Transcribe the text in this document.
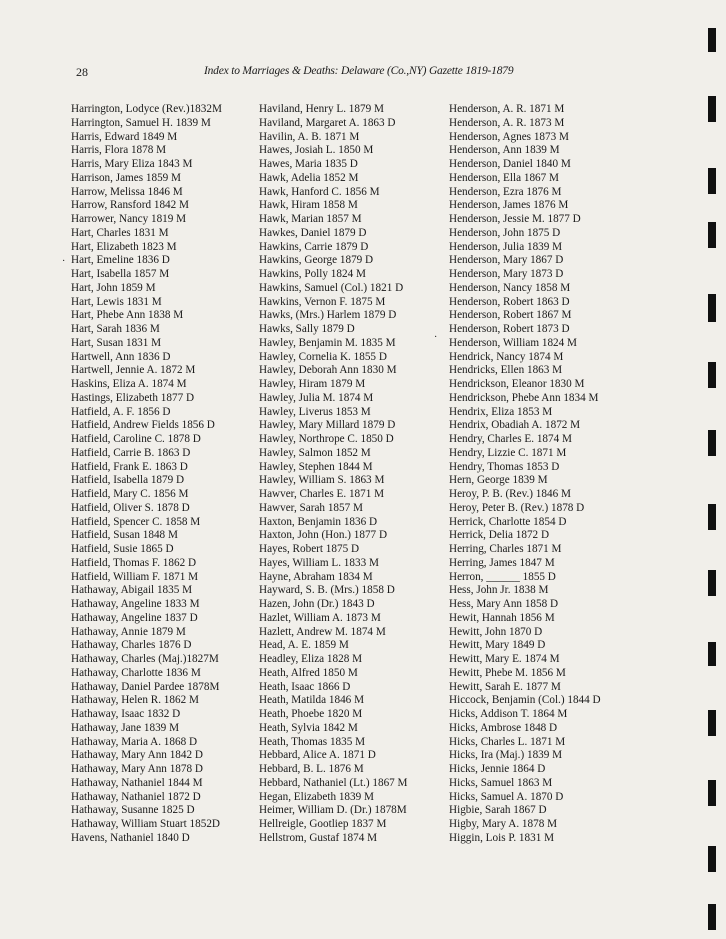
28	Index to Marriages & Deaths: Delaware (Co.,NY) Gazette 1819-1879
Harrington, Lodyce (Rev.)1832M
Harrington, Samuel H. 1839 M
Harris, Edward 1849 M
Harris, Flora 1878 M
Harris, Mary Eliza 1843 M
Harrison, James 1859 M
Harrow, Melissa 1846 M
Harrow, Ransford 1842 M
Harrower, Nancy 1819 M
Hart, Charles 1831 M
Hart, Elizabeth 1823 M
Hart, Emeline 1836 D
Hart, Isabella 1857 M
Hart, John 1859 M
Hart, Lewis 1831 M
Hart, Phebe Ann 1838 M
Hart, Sarah 1836 M
Hart, Susan 1831 M
Hartwell, Ann 1836 D
Hartwell, Jennie A. 1872 M
Haskins, Eliza A. 1874 M
Hastings, Elizabeth 1877 D
Hatfield, A. F. 1856 D
Hatfield, Andrew Fields 1856 D
Hatfield, Caroline C. 1878 D
Hatfield, Carrie B. 1863 D
Hatfield, Frank E. 1863 D
Hatfield, Isabella 1879 D
Hatfield, Mary C. 1856 M
Hatfield, Oliver S. 1878 D
Hatfield, Spencer C. 1858 M
Hatfield, Susan 1848 M
Hatfield, Susie 1865 D
Hatfield, Thomas F. 1862 D
Hatfield, William F. 1871 M
Hathaway, Abigail 1835 M
Hathaway, Angeline 1833 M
Hathaway, Angeline 1837 D
Hathaway, Annie 1879 M
Hathaway, Charles 1876 D
Hathaway, Charles (Maj.)1827M
Hathaway, Charlotte 1836 M
Hathaway, Daniel Pardee 1878M
Hathaway, Helen R. 1862 M
Hathaway, Isaac 1832 D
Hathaway, Jane 1839 M
Hathaway, Maria A. 1868 D
Hathaway, Mary Ann 1842 D
Hathaway, Mary Ann 1878 D
Hathaway, Nathaniel 1844 M
Hathaway, Nathaniel 1872 D
Hathaway, Susanne 1825 D
Hathaway, William Stuart 1852D
Havens, Nathaniel 1840 D
Haviland, Henry L. 1879 M
Haviland, Margaret A. 1863 D
Havilin, A. B. 1871 M
Hawes, Josiah L. 1850 M
Hawes, Maria 1835 D
Hawk, Adelia 1852 M
Hawk, Hanford C. 1856 M
Hawk, Hiram 1858 M
Hawk, Marian 1857 M
Hawkes, Daniel 1879 D
Hawkins, Carrie 1879 D
Hawkins, George 1879 D
Hawkins, Polly 1824 M
Hawkins, Samuel (Col.) 1821 D
Hawkins, Vernon F. 1875 M
Hawks, (Mrs.) Harlem 1879 D
Hawks, Sally 1879 D
Hawley, Benjamin M. 1835 M
Hawley, Cornelia K. 1855 D
Hawley, Deborah Ann 1830 M
Hawley, Hiram 1879 M
Hawley, Julia M. 1874 M
Hawley, Liverus 1853 M
Hawley, Mary Millard 1879 D
Hawley, Northrope C. 1850 D
Hawley, Salmon 1852 M
Hawley, Stephen 1844 M
Hawley, William S. 1863 M
Hawver, Charles E. 1871 M
Hawver, Sarah 1857 M
Haxton, Benjamin 1836 D
Haxton, John (Hon.) 1877 D
Hayes, Robert 1875 D
Hayes, William L. 1833 M
Hayne, Abraham 1834 M
Hayward, S. B. (Mrs.) 1858 D
Hazen, John (Dr.) 1843 D
Hazlet, William A. 1873 M
Hazlett, Andrew M. 1874 M
Head, A. E. 1859 M
Headley, Eliza 1828 M
Heath, Alfred 1850 M
Heath, Isaac 1866 D
Heath, Matilda 1846 M
Heath, Phoebe 1820 M
Heath, Sylvia 1842 M
Heath, Thomas 1835 M
Hebbard, Alice A. 1871 D
Hebbard, B. L. 1876 M
Hebbard, Nathaniel (Lt.) 1867 M
Hegan, Elizabeth 1839 M
Heimer, William D. (Dr.) 1878M
Hellreigle, Gootliep 1837 M
Hellstrom, Gustaf 1874 M
Henderson, A. R. 1871 M
Henderson, A. R. 1873 M
Henderson, Agnes 1873 M
Henderson, Ann 1839 M
Henderson, Daniel 1840 M
Henderson, Ella 1867 M
Henderson, Ezra 1876 M
Henderson, James 1876 M
Henderson, Jessie M. 1877 D
Henderson, John 1875 D
Henderson, Julia 1839 M
Henderson, Mary 1867 D
Henderson, Mary 1873 D
Henderson, Nancy 1858 M
Henderson, Robert 1863 D
Henderson, Robert 1867 M
Henderson, Robert 1873 D
Henderson, William 1824 M
Hendrick, Nancy 1874 M
Hendricks, Ellen 1863 M
Hendrickson, Eleanor 1830 M
Hendrickson, Phebe Ann 1834 M
Hendrix, Eliza 1853 M
Hendrix, Obadiah A. 1872 M
Hendry, Charles E. 1874 M
Hendry, Lizzie C. 1871 M
Hendry, Thomas 1853 D
Hern, George 1839 M
Heroy, P. B. (Rev.) 1846 M
Heroy, Peter B. (Rev.) 1878 D
Herrick, Charlotte 1854 D
Herrick, Delia 1872 D
Herring, Charles 1871 M
Herring, James 1847 M
Herron, ______ 1855 D
Hess, John Jr. 1838 M
Hess, Mary Ann 1858 D
Hewit, Hannah 1856 M
Hewitt, John 1870 D
Hewitt, Mary 1849 D
Hewitt, Mary E. 1874 M
Hewitt, Phebe M. 1856 M
Hewitt, Sarah E. 1877 M
Hiccock, Benjamin (Col.) 1844 D
Hicks, Addison T. 1864 M
Hicks, Ambrose 1848 D
Hicks, Charles L. 1871 M
Hicks, Ira (Maj.) 1839 M
Hicks, Jennie 1864 D
Hicks, Samuel 1863 M
Hicks, Samuel A. 1870 D
Higbie, Sarah 1867 D
Higby, Mary A. 1878 M
Higgin, Lois P. 1831 M
·
·
